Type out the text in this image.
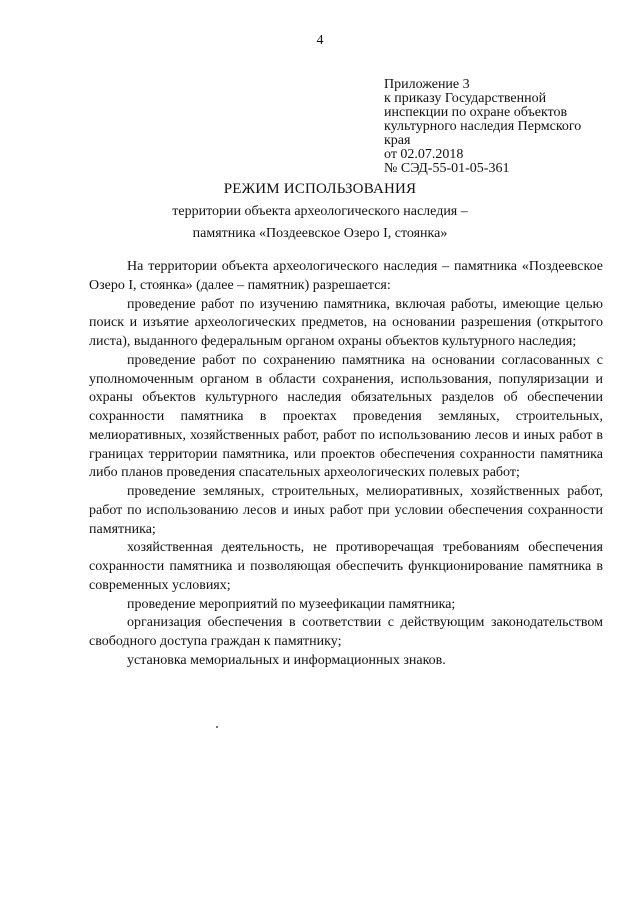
4
Приложение 3
к приказу Государственной
инспекции по охране объектов
культурного наследия Пермского
края
от 02.07.2018
№ СЭД-55-01-05-361
РЕЖИМ ИСПОЛЬЗОВАНИЯ
территории объекта археологического наследия –
памятника «Поздеевское Озеро I, стоянка»

На территории объекта археологического наследия – памятника «Поздеевское Озеро I, стоянка» (далее – памятник) разрешается:

проведение работ по изучению памятника, включая работы, имеющие целью поиск и изъятие археологических предметов, на основании разрешения (открытого листа), выданного федеральным органом охраны объектов культурного наследия;

проведение работ по сохранению памятника на основании согласованных с уполномоченным органом в области сохранения, использования, популяризации и охраны объектов культурного наследия обязательных разделов об обеспечении сохранности памятника в проектах проведения земляных, строительных, мелиоративных, хозяйственных работ, работ по использованию лесов и иных работ в границах территории памятника, или проектов обеспечения сохранности памятника либо планов проведения спасательных археологических полевых работ;

проведение земляных, строительных, мелиоративных, хозяйственных работ, работ по использованию лесов и иных работ при условии обеспечения сохранности памятника;

хозяйственная деятельность, не противоречащая требованиям обеспечения сохранности памятника и позволяющая обеспечить функционирование памятника в современных условиях;

проведение мероприятий по музеефикации памятника;

организация обеспечения в соответствии с действующим законодательством свободного доступа граждан к памятнику;

установка мемориальных и информационных знаков.
